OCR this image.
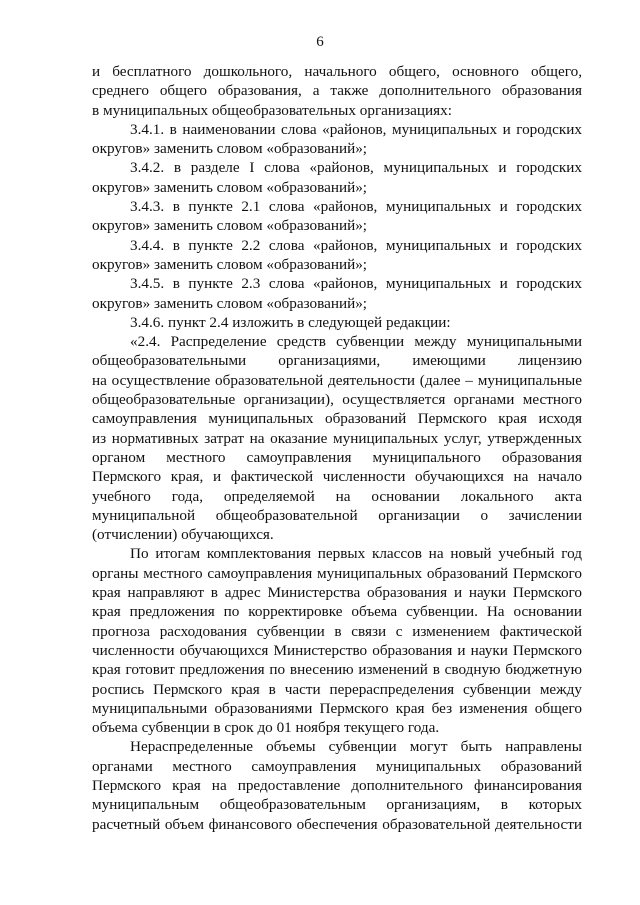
6
и бесплатного дошкольного, начального общего, основного общего,
среднего общего образования, а также дополнительного образования
в муниципальных общеобразовательных организациях:
3.4.1. в наименовании слова «районов, муниципальных и городских
округов» заменить словом «образований»;
3.4.2. в разделе I слова «районов, муниципальных и городских
округов» заменить словом «образований»;
3.4.3. в пункте 2.1 слова «районов, муниципальных и городских
округов» заменить словом «образований»;
3.4.4. в пункте 2.2 слова «районов, муниципальных и городских
округов» заменить словом «образований»;
3.4.5. в пункте 2.3 слова «районов, муниципальных и городских
округов» заменить словом «образований»;
3.4.6. пункт 2.4 изложить в следующей редакции:
«2.4. Распределение средств субвенции между муниципальными
общеобразовательными организациями, имеющими лицензию
на осуществление образовательной деятельности (далее – муниципальные
общеобразовательные организации), осуществляется органами местного
самоуправления муниципальных образований Пермского края исходя
из нормативных затрат на оказание муниципальных услуг, утвержденных
органом местного самоуправления муниципального образования
Пермского края, и фактической численности обучающихся на начало
учебного года, определяемой на основании локального акта
муниципальной общеобразовательной организации о зачислении
(отчислении) обучающихся.
По итогам комплектования первых классов на новый учебный год
органы местного самоуправления муниципальных образований Пермского
края направляют в адрес Министерства образования и науки Пермского
края предложения по корректировке объема субвенции. На основании
прогноза расходования субвенции в связи с изменением фактической
численности обучающихся Министерство образования и науки Пермского
края готовит предложения по внесению изменений в сводную бюджетную
роспись Пермского края в части перераспределения субвенции между
муниципальными образованиями Пермского края без изменения общего
объема субвенции в срок до 01 ноября текущего года.
Нераспределенные объемы субвенции могут быть направлены
органами местного самоуправления муниципальных образований
Пермского края на предоставление дополнительного финансирования
муниципальным общеобразовательным организациям, в которых
расчетный объем финансового обеспечения образовательной деятельности
